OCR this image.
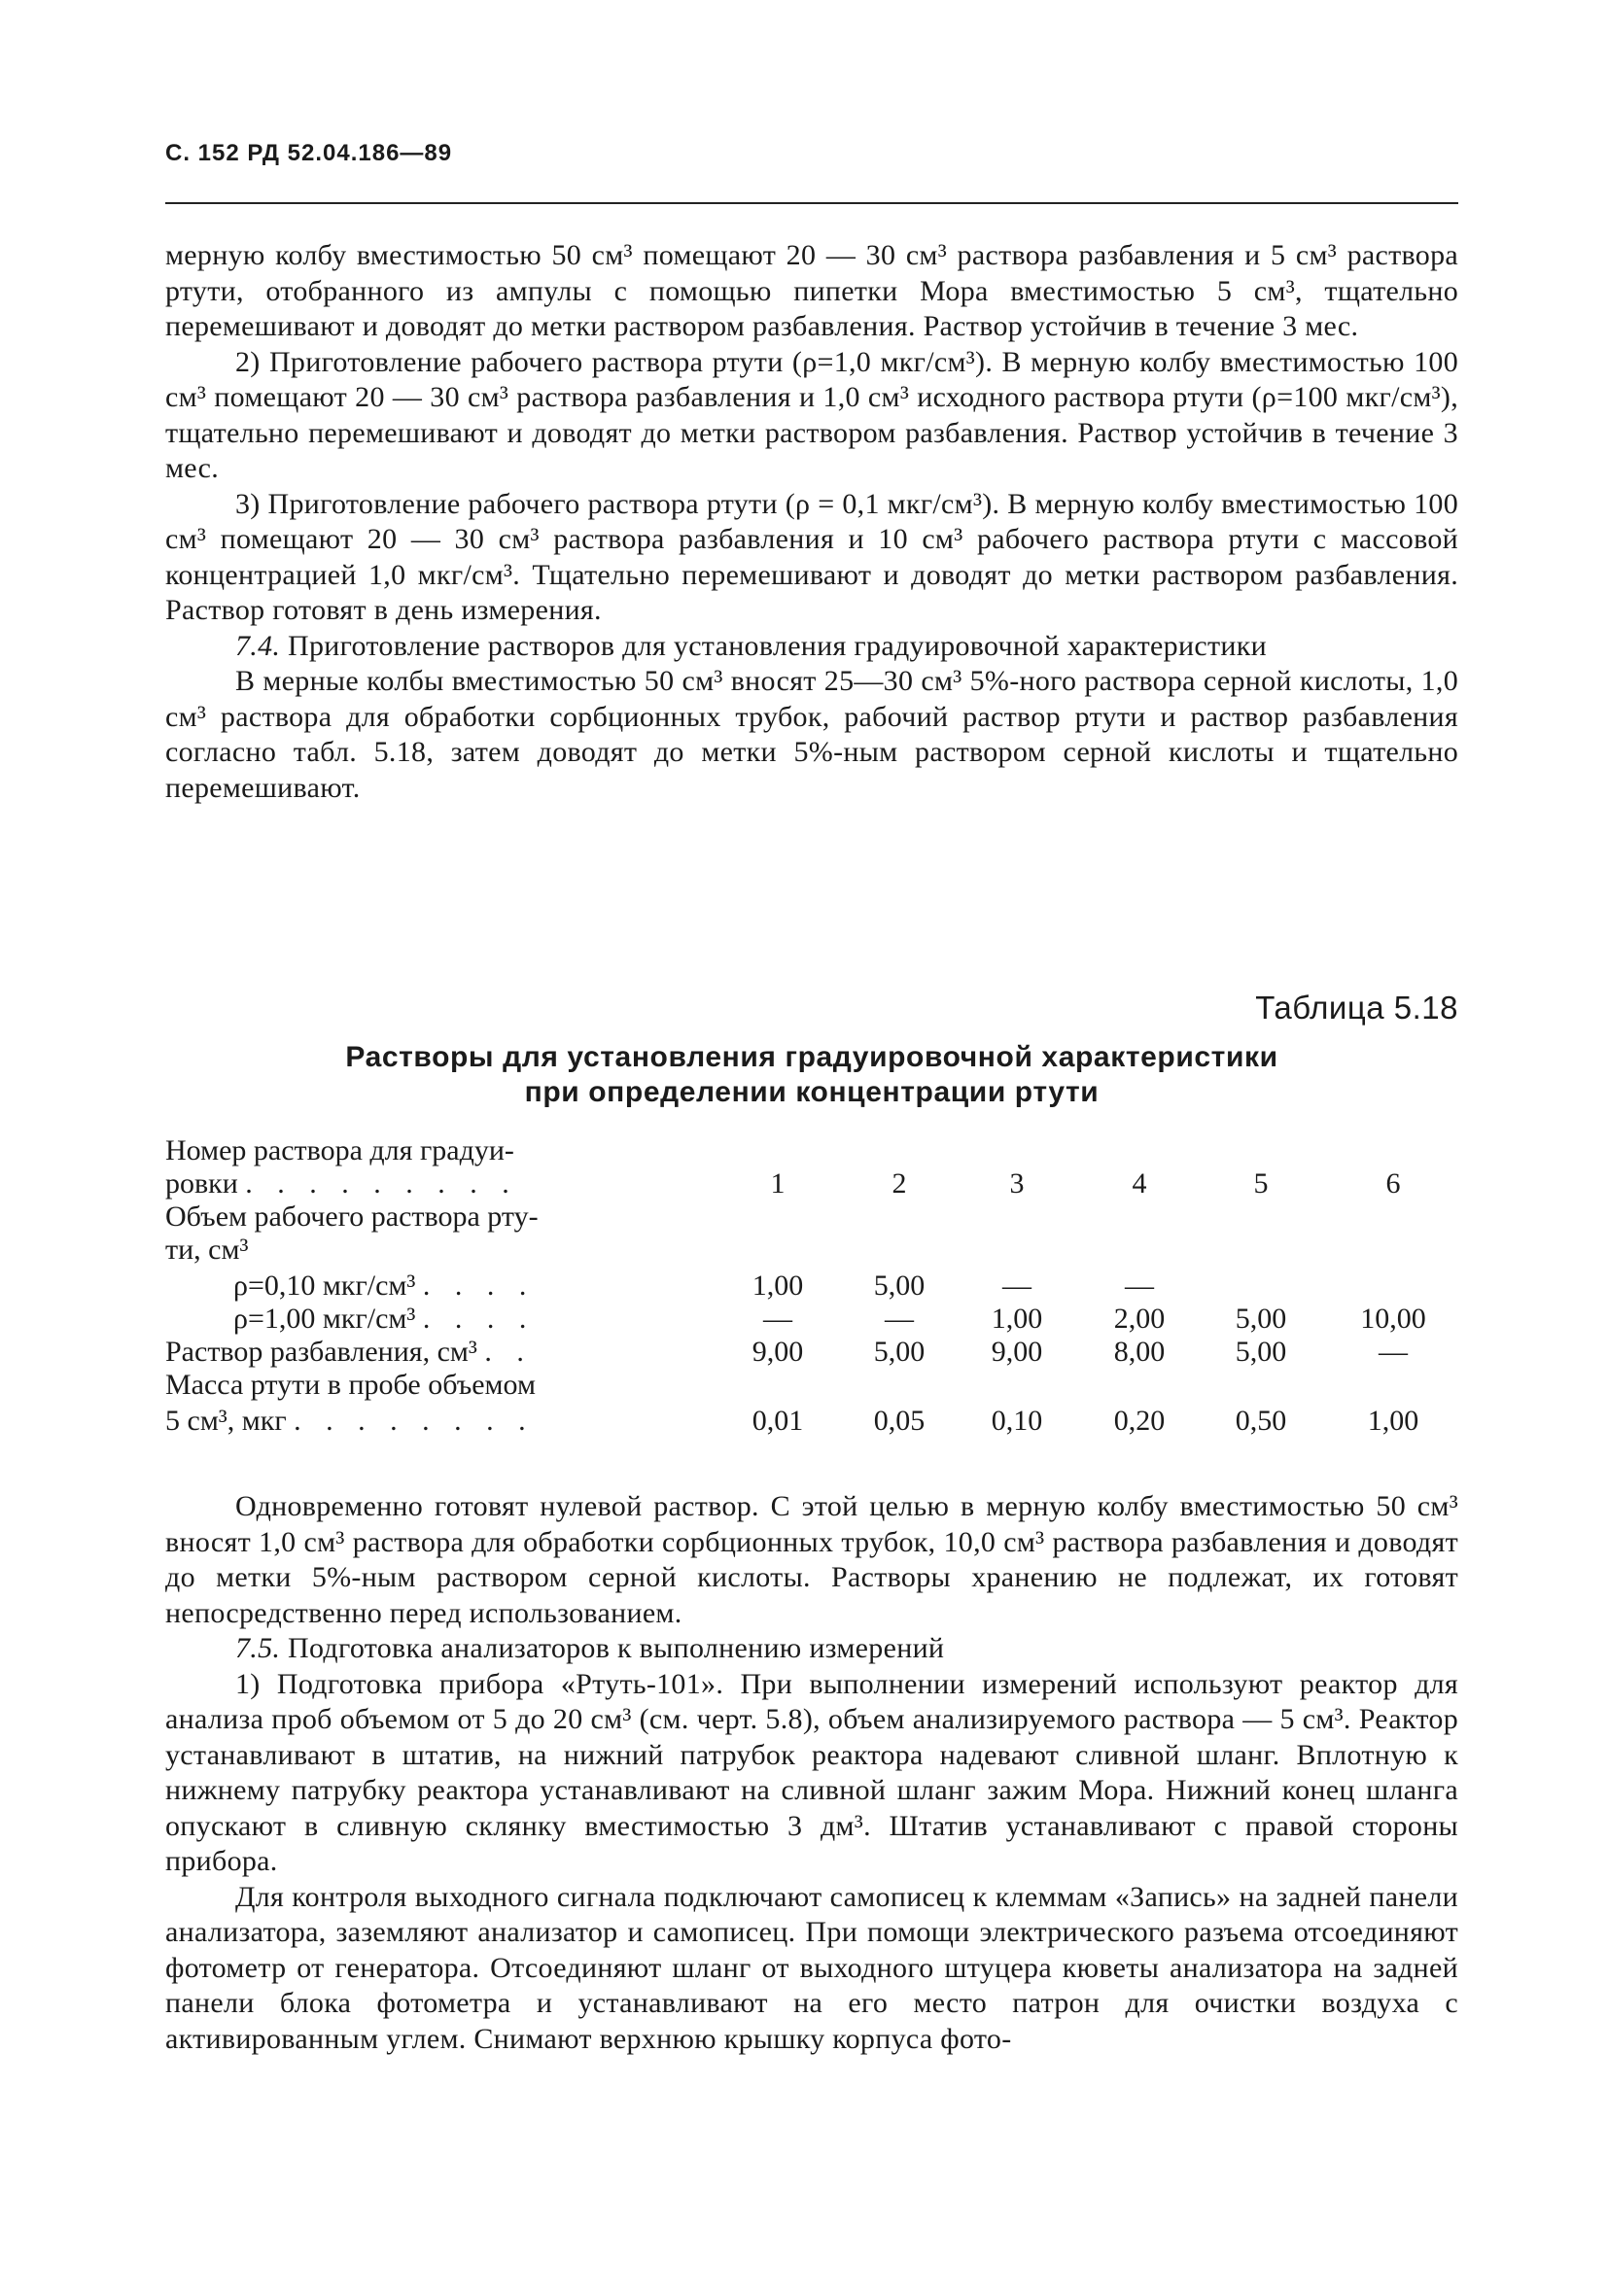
С. 152 РД 52.04.186—89

мерную колбу вместимостью 50 см³ помещают 20 — 30 см³ раствора разбавления и 5 см³ раствора ртути, отобранного из ампулы с помощью пипетки Мора вместимостью 5 см³, тщательно перемешивают и доводят до метки раствором разбавления. Раствор устойчив в течение 3 мес.

2) Приготовление рабочего раствора ртути (ρ=1,0 мкг/см³). В мерную колбу вместимостью 100 см³ помещают 20 — 30 см³ раствора разбавления и 1,0 см³ исходного раствора ртути (ρ=100 мкг/см³), тщательно перемешивают и доводят до метки раствором разбавления. Раствор устойчив в течение 3 мес.

3) Приготовление рабочего раствора ртути (ρ = 0,1 мкг/см³). В мерную колбу вместимостью 100 см³ помещают 20 — 30 см³ раствора разбавления и 10 см³ рабочего раствора ртути с массовой концентрацией 1,0 мкг/см³. Тщательно перемешивают и доводят до метки раствором разбавления. Раствор готовят в день измерения.

7.4. Приготовление растворов для установления градуировочной характеристики

В мерные колбы вместимостью 50 см³ вносят 25—30 см³ 5%-ного раствора серной кислоты, 1,0 см³ раствора для обработки сорбционных трубок, рабочий раствор ртути и раствор разбавления согласно табл. 5.18, затем доводят до метки 5%-ным раствором серной кислоты и тщательно перемешивают.

Таблица 5.18
Растворы для установления градуировочной характеристики
при определении концентрации ртути
Номер раствора для градуи-
ровки . . . . . . . . .	1	2	3	4	5	6
Объем рабочего раствора рту-
ти, см³
ρ=0,10 мкг/см³ . . . .	1,00	5,00	—	—
ρ=1,00 мкг/см³ . . . .	—	—	1,00	2,00	5,00	10,00
Раствор разбавления, см³ . .	9,00	5,00	9,00	8,00	5,00	—
Масса ртути в пробе объемом
5 см³, мкг . . . . . . . .	0,01	0,05	0,10	0,20	0,50	1,00

Одновременно готовят нулевой раствор. С этой целью в мерную колбу вместимостью 50 см³ вносят 1,0 см³ раствора для обработки сорбционных трубок, 10,0 см³ раствора разбавления и доводят до метки 5%-ным раствором серной кислоты. Растворы хранению не подлежат, их готовят непосредственно перед использованием.

7.5. Подготовка анализаторов к выполнению измерений

1) Подготовка прибора «Ртуть-101». При выполнении измерений используют реактор для анализа проб объемом от 5 до 20 см³ (см. черт. 5.8), объем анализируемого раствора — 5 см³. Реактор устанавливают в штатив, на нижний патрубок реактора надевают сливной шланг. Вплотную к нижнему патрубку реактора устанавливают на сливной шланг зажим Мора. Нижний конец шланга опускают в сливную склянку вместимостью 3 дм³. Штатив устанавливают с правой стороны прибора.

Для контроля выходного сигнала подключают самописец к клеммам «Запись» на задней панели анализатора, заземляют анализатор и самописец. При помощи электрического разъема отсоединяют фотометр от генератора. Отсоединяют шланг от выходного штуцера кюветы анализатора на задней панели блока фотометра и устанавливают на его место патрон для очистки воздуха с активированным углем. Снимают верхнюю крышку корпуса фото-
